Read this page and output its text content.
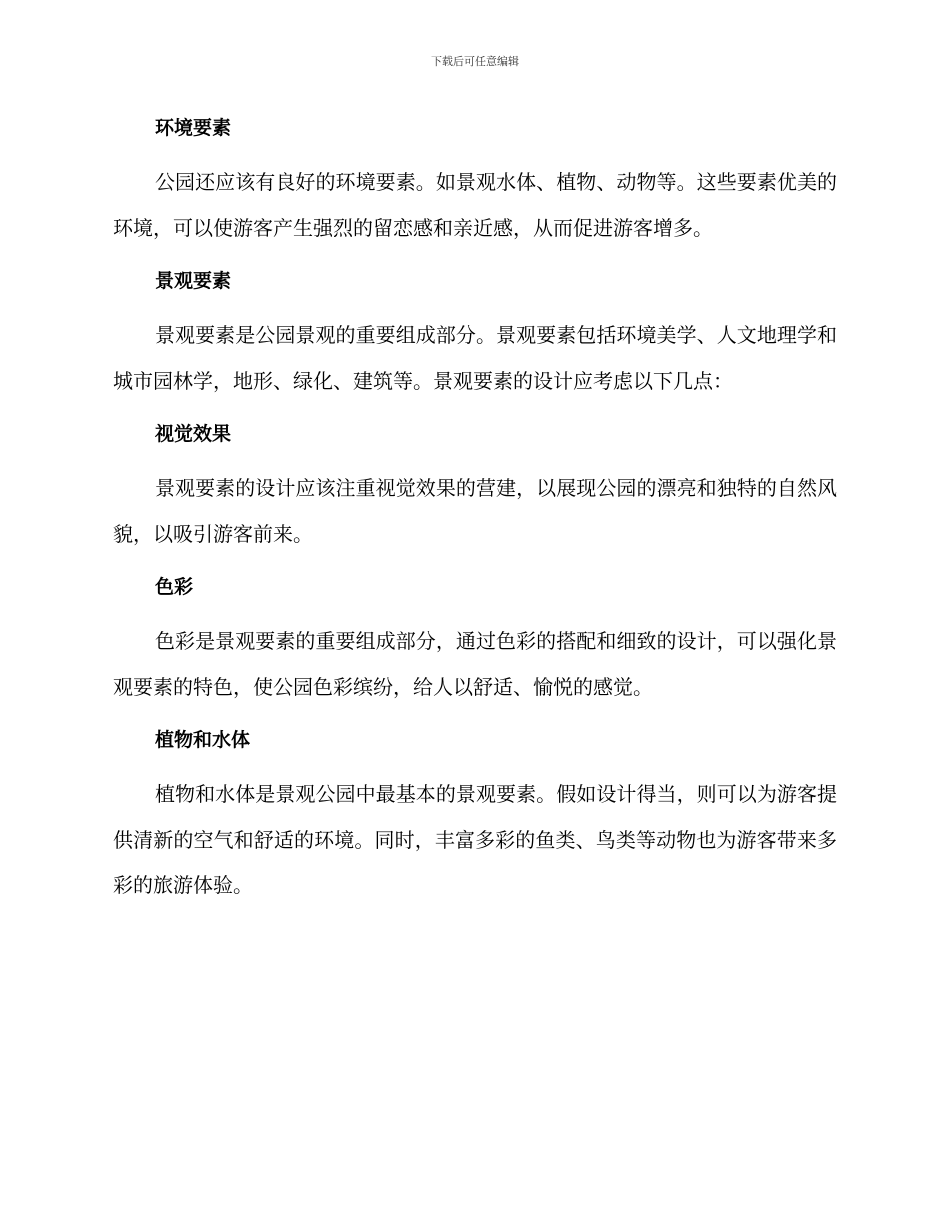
下载后可任意编辑
环境要素

公园还应该有良好的环境要素。如景观水体、植物、动物等。这些要素优美的环境，可以使游客产生强烈的留恋感和亲近感，从而促进游客增多。

景观要素

景观要素是公园景观的重要组成部分。景观要素包括环境美学、人文地理学和城市园林学，地形、绿化、建筑等。景观要素的设计应考虑以下几点：

视觉效果

景观要素的设计应该注重视觉效果的营建，以展现公园的漂亮和独特的自然风貌，以吸引游客前来。

色彩

色彩是景观要素的重要组成部分，通过色彩的搭配和细致的设计，可以强化景观要素的特色，使公园色彩缤纷，给人以舒适、愉悦的感觉。

植物和水体

植物和水体是景观公园中最基本的景观要素。假如设计得当，则可以为游客提供清新的空气和舒适的环境。同时，丰富多彩的鱼类、鸟类等动物也为游客带来多彩的旅游体验。
